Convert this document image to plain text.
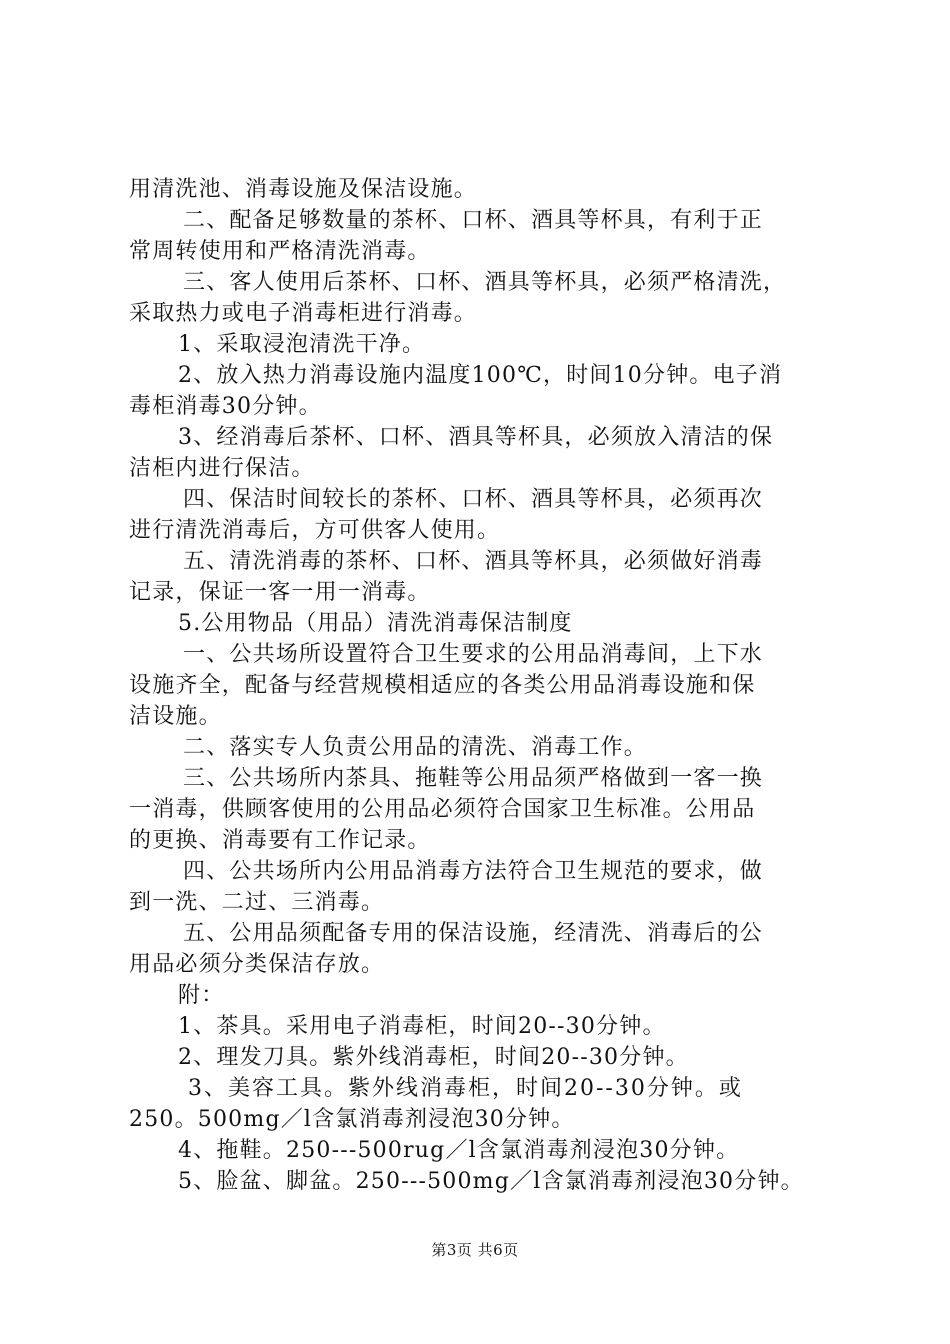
用清洗池、消毒设施及保洁设施。
二、配备足够数量的茶杯、口杯、酒具等杯具，有利于正
常周转使用和严格清洗消毒。
三、客人使用后茶杯、口杯、酒具等杯具，必须严格清洗，
采取热力或电子消毒柜进行消毒。
1、采取浸泡清洗干净。
2、放入热力消毒设施内温度100℃，时间10分钟。电子消
毒柜消毒30分钟。
3、经消毒后茶杯、口杯、酒具等杯具，必须放入清洁的保
洁柜内进行保洁。
四、保洁时间较长的茶杯、口杯、酒具等杯具，必须再次
进行清洗消毒后，方可供客人使用。
五、清洗消毒的茶杯、口杯、酒具等杯具，必须做好消毒
记录，保证一客一用一消毒。
5.公用物品（用品）清洗消毒保洁制度
一、公共场所设置符合卫生要求的公用品消毒间，上下水
设施齐全，配备与经营规模相适应的各类公用品消毒设施和保
洁设施。
二、落实专人负责公用品的清洗、消毒工作。
三、公共场所内茶具、拖鞋等公用品须严格做到一客一换
一消毒，供顾客使用的公用品必须符合国家卫生标准。公用品
的更换、消毒要有工作记录。
四、公共场所内公用品消毒方法符合卫生规范的要求，做
到一洗、二过、三消毒。
五、公用品须配备专用的保洁设施，经清洗、消毒后的公
用品必须分类保洁存放。
附：
1、茶具。采用电子消毒柜，时间20--30分钟。
2、理发刀具。紫外线消毒柜，时间20--30分钟。
3、美容工具。紫外线消毒柜，时间20--30分钟。或
250。500mg／l含氯消毒剂浸泡30分钟。
4、拖鞋。250---500rug／l含氯消毒剂浸泡30分钟。
5、脸盆、脚盆。250---500mg／l含氯消毒剂浸泡30分钟。
第3页 共6页
